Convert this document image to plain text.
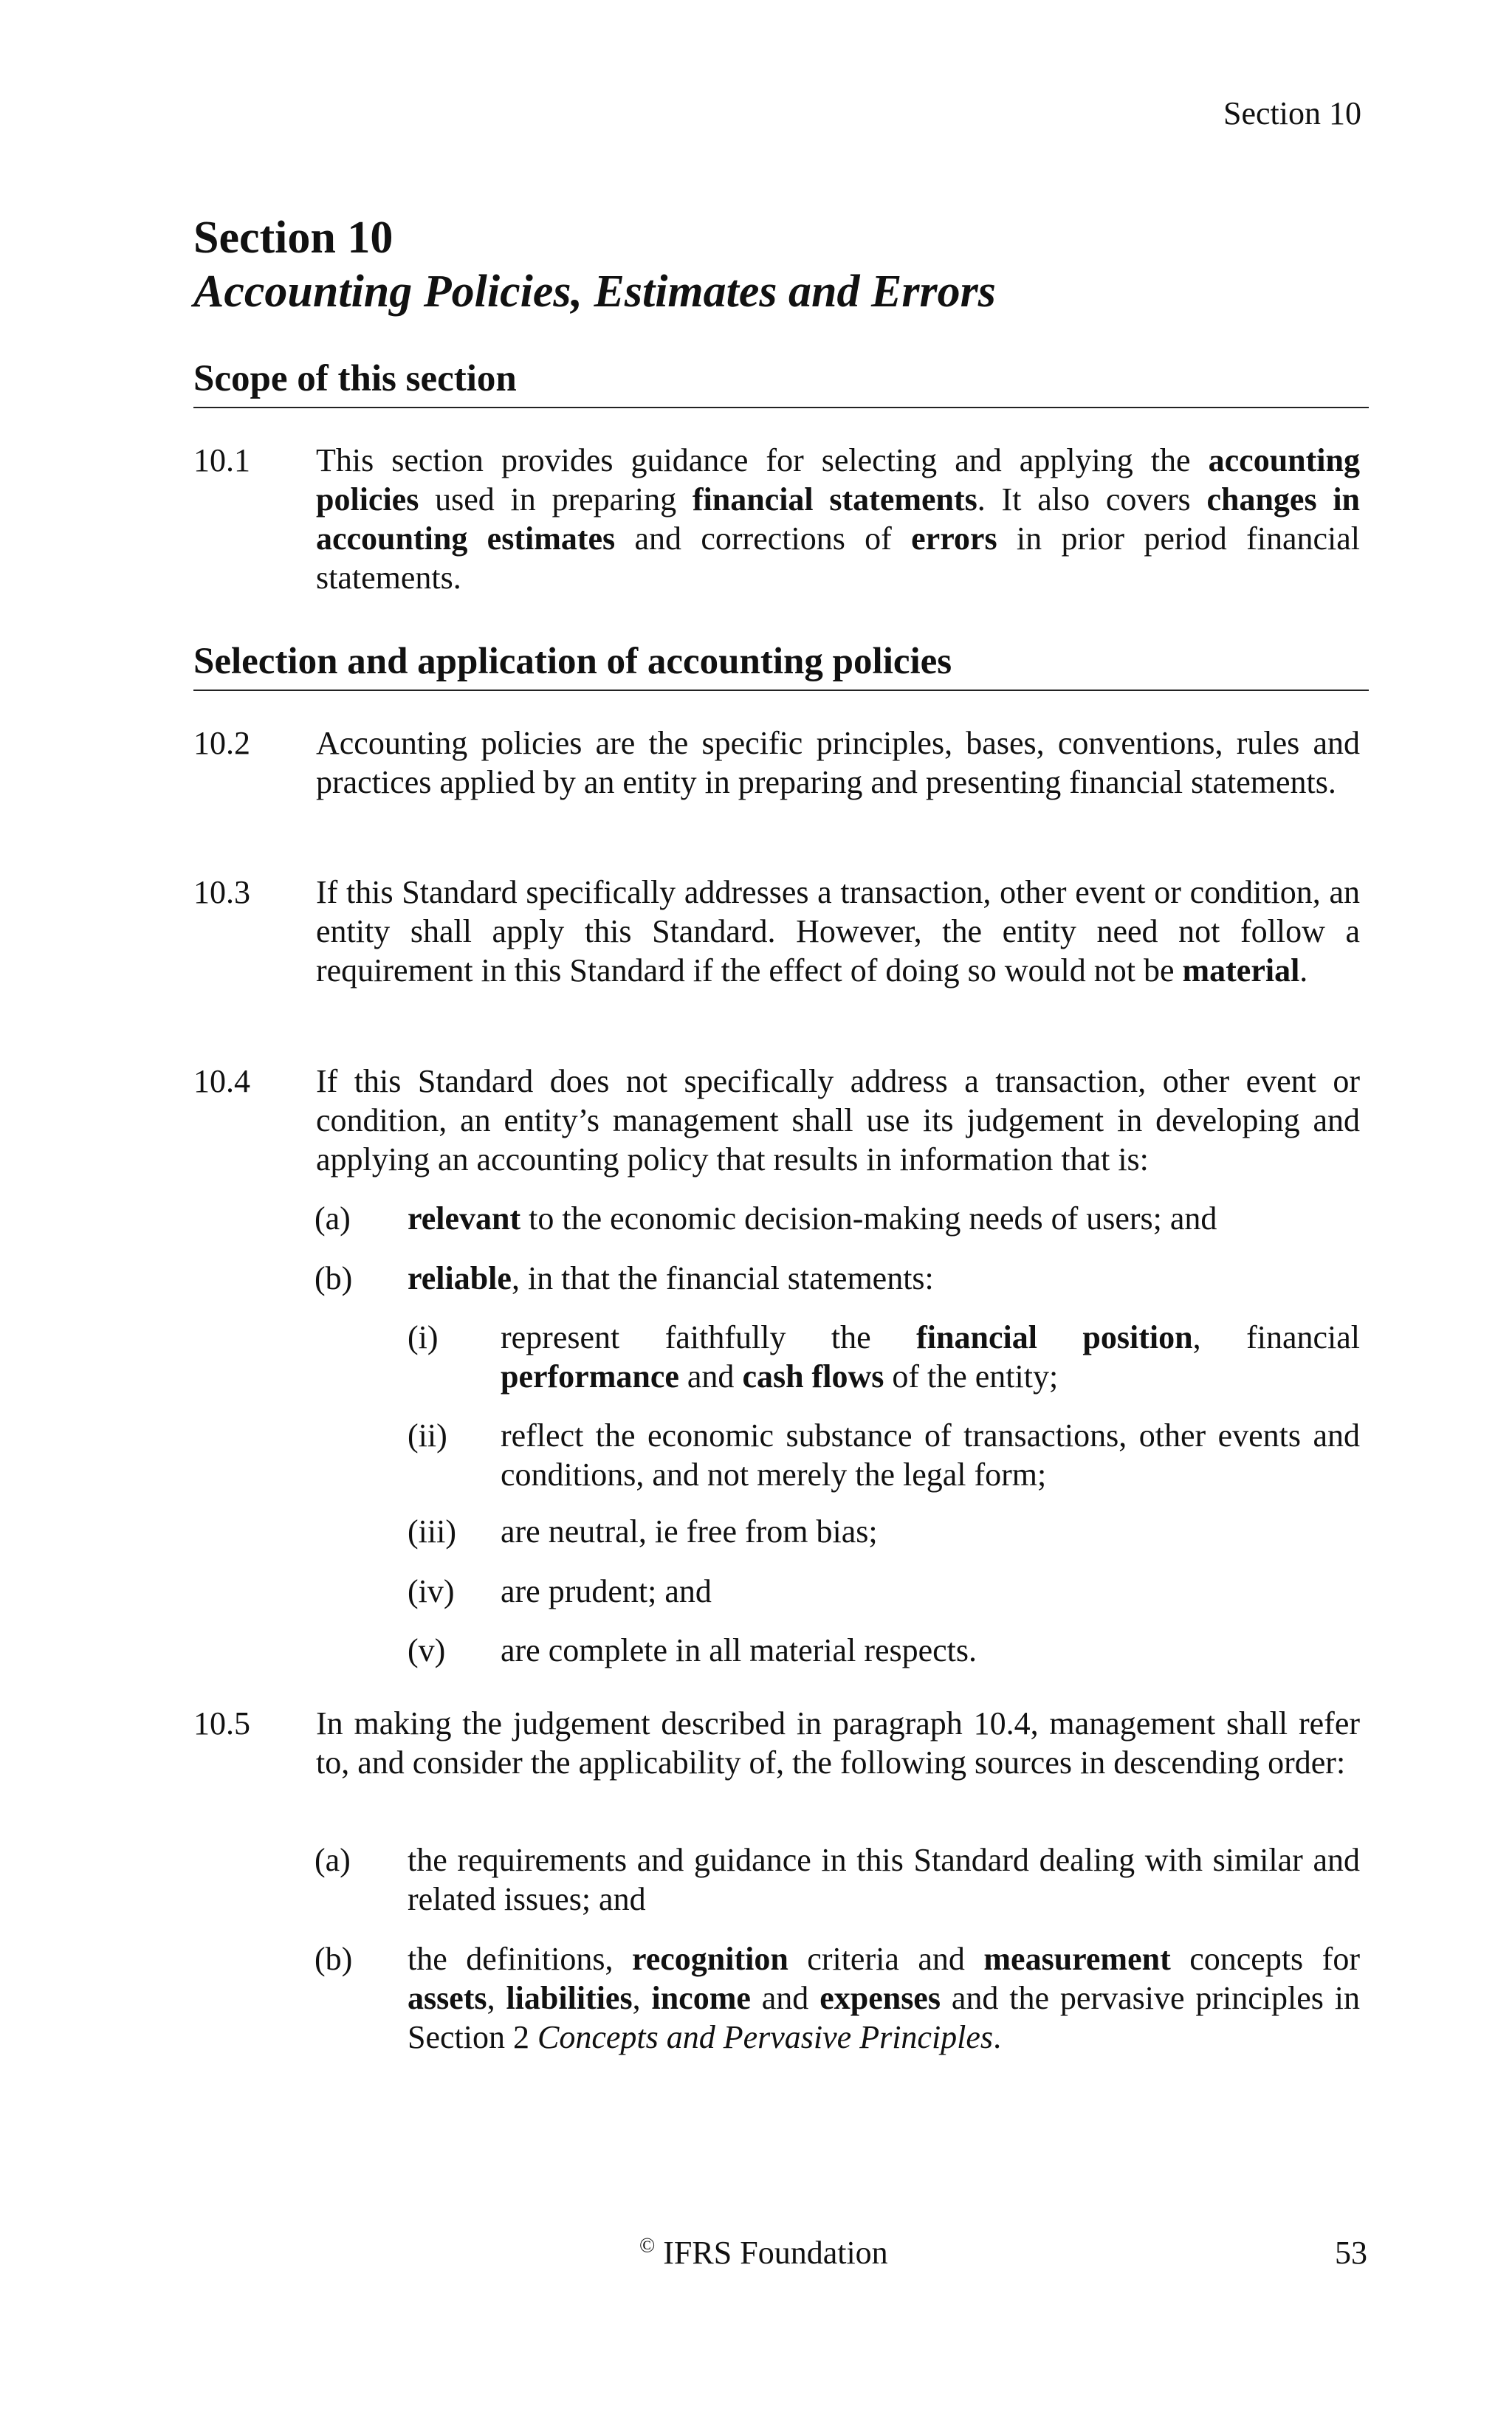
Section 10
Section 10
Accounting Policies, Estimates and Errors
Scope of this section
10.1	This section provides guidance for selecting and applying the accounting policies used in preparing financial statements. It also covers changes in accounting estimates and corrections of errors in prior period financial statements.
Selection and application of accounting policies
10.2	Accounting policies are the specific principles, bases, conventions, rules and practices applied by an entity in preparing and presenting financial statements.
10.3	If this Standard specifically addresses a transaction, other event or condition, an entity shall apply this Standard. However, the entity need not follow a requirement in this Standard if the effect of doing so would not be material.
10.4	If this Standard does not specifically address a transaction, other event or condition, an entity’s management shall use its judgement in developing and applying an accounting policy that results in information that is:
(a) relevant to the economic decision-making needs of users; and
(b) reliable, in that the financial statements:
(i) represent faithfully the financial position, financial performance and cash flows of the entity;
(ii) reflect the economic substance of transactions, other events and conditions, and not merely the legal form;
(iii) are neutral, ie free from bias;
(iv) are prudent; and
(v) are complete in all material respects.
10.5	In making the judgement described in paragraph 10.4, management shall refer to, and consider the applicability of, the following sources in descending order:
(a) the requirements and guidance in this Standard dealing with similar and related issues; and
(b) the definitions, recognition criteria and measurement concepts for assets, liabilities, income and expenses and the pervasive principles in Section 2 Concepts and Pervasive Principles.
© IFRS Foundation	53
